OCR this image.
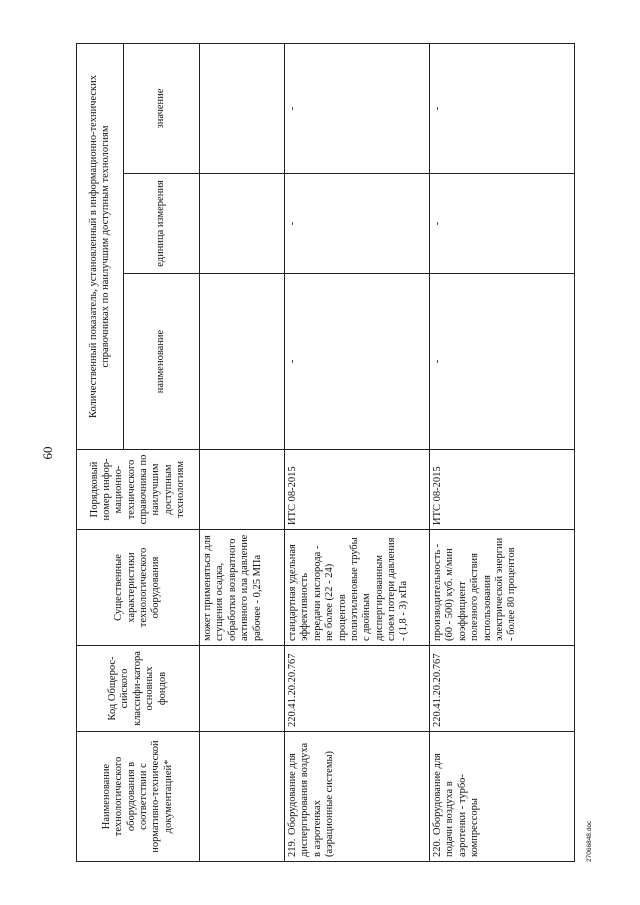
60
Наименование технологического оборудования в соответствии с нормативно-технической документацией*	Код Общерос-сийского классифи-катора основных фондов	Существенные характеристики технологического оборудования	Порядковый номер инфор-мационно-технического справочника по наилучшим доступным технологиям	Количественный показатель, установленный в информационно-технических справочниках по наилучшим доступным технологиям		
				наименование	единица измерения	значение
		может применяться для сгущения осадка, обработки возвратного активного ила давление рабочее - 0,25 МПа				
219.Оборудование для диспергирования воздуха в аэротенках (аэрационные системы)	220.41.20.20.767	стандартная удельная эффективность передачи кислорода - не более (22 - 24) процентов полиэтиленовые трубы с двойным диспергированным слоем потери давления - (1,8 - 3) кПа	ИТС 08-2015	-	-	-
220.Оборудование для подачи воздуха в аэротенки - турбо-компрессоры	220.41.20.20.767	производительность - (60 - 500) куб. м/мин коэффициент полезного действия использования электрической энергии - более 80 процентов	ИТС 08-2015	-	-	-
27066848.doc
